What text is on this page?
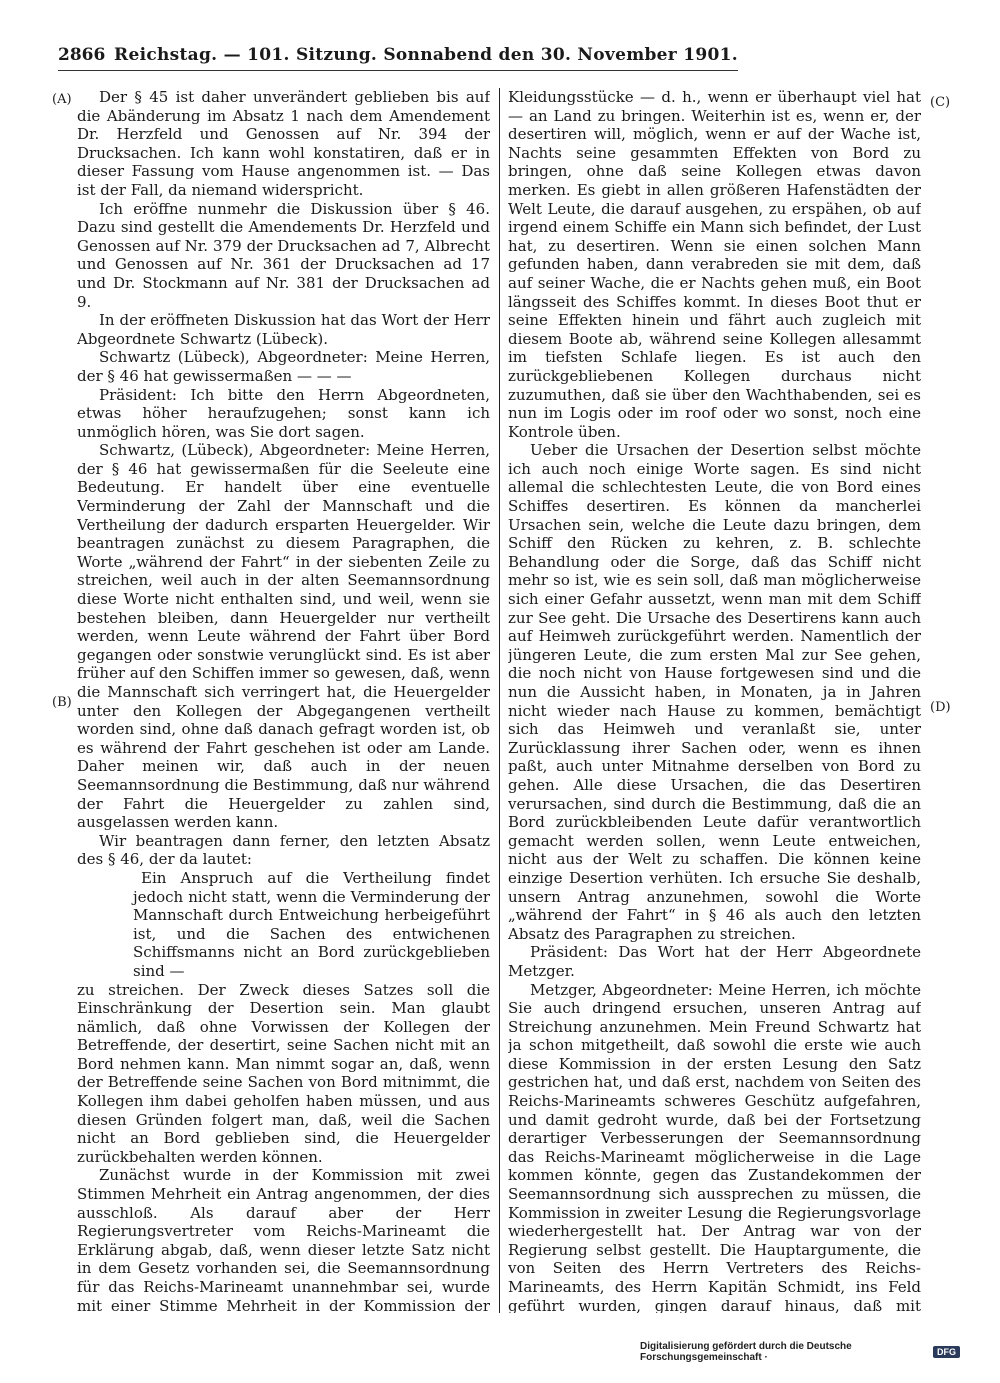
2866 Reichstag. — 101. Sitzung. Sonnabend den 30. November 1901.
(A)
(B)
(C)
(D)

Der § 45 ist daher unverändert geblieben bis auf die Abänderung im Absatz 1 nach dem Amendement Dr. Herzfeld und Genossen auf Nr. 394 der Drucksachen. Ich kann wohl konstatiren, daß er in dieser Fassung vom Hause angenommen ist. — Das ist der Fall, da niemand widerspricht.

Ich eröffne nunmehr die Diskussion über § 46. Dazu sind gestellt die Amendements Dr. Herzfeld und Genossen auf Nr. 379 der Drucksachen ad 7, Albrecht und Genossen auf Nr. 361 der Drucksachen ad 17 und Dr. Stockmann auf Nr. 381 der Drucksachen ad 9.

In der eröffneten Diskussion hat das Wort der Herr Abgeordnete Schwartz (Lübeck).

Schwartz (Lübeck), Abgeordneter: Meine Herren, der § 46 hat gewissermaßen — — —

Präsident: Ich bitte den Herrn Abgeordneten, etwas höher heraufzugehen; sonst kann ich unmöglich hören, was Sie dort sagen.

Schwartz, (Lübeck), Abgeordneter: Meine Herren, der § 46 hat gewissermaßen für die Seeleute eine Bedeutung. Er handelt über eine eventuelle Verminderung der Zahl der Mannschaft und die Vertheilung der dadurch ersparten Heuergelder. Wir beantragen zunächst zu diesem Paragraphen, die Worte „während der Fahrt“ in der siebenten Zeile zu streichen, weil auch in der alten Seemannsordnung diese Worte nicht enthalten sind, und weil, wenn sie bestehen bleiben, dann Heuergelder nur vertheilt werden, wenn Leute während der Fahrt über Bord gegangen oder sonstwie verunglückt sind. Es ist aber früher auf den Schiffen immer so gewesen, daß, wenn die Mannschaft sich verringert hat, die Heuergelder unter den Kollegen der Abgegangenen vertheilt worden sind, ohne daß danach gefragt worden ist, ob es während der Fahrt geschehen ist oder am Lande. Daher meinen wir, daß auch in der neuen Seemannsordnung die Bestimmung, daß nur während der Fahrt die Heuergelder zu zahlen sind, ausgelassen werden kann.

Wir beantragen dann ferner, den letzten Absatz des § 46, der da lautet:

Ein Anspruch auf die Vertheilung findet jedoch nicht statt, wenn die Verminderung der Mannschaft durch Entweichung herbeigeführt ist, und die Sachen des entwichenen Schiffsmanns nicht an Bord zurückgeblieben sind —

zu streichen. Der Zweck dieses Satzes soll die Einschränkung der Desertion sein. Man glaubt nämlich, daß ohne Vorwissen der Kollegen der Betreffende, der desertirt, seine Sachen nicht mit an Bord nehmen kann. Man nimmt sogar an, daß, wenn der Betreffende seine Sachen von Bord mitnimmt, die Kollegen ihm dabei geholfen haben müssen, und aus diesen Gründen folgert man, daß, weil die Sachen nicht an Bord geblieben sind, die Heuergelder zurückbehalten werden können.

Zunächst wurde in der Kommission mit zwei Stimmen Mehrheit ein Antrag angenommen, der dies ausschloß. Als darauf aber der Herr Regierungsvertreter vom Reichs-Marineamt die Erklärung abgab, daß, wenn dieser letzte Satz nicht in dem Gesetz vorhanden sei, die Seemannsordnung für das Reichs-Marineamt unannehmbar sei, wurde mit einer Stimme Mehrheit in der Kommission der

Kleidungsstücke — d. h., wenn er überhaupt viel hat — an Land zu bringen. Weiterhin ist es, wenn er, der desertiren will, möglich, wenn er auf der Wache ist, Nachts seine gesammten Effekten von Bord zu bringen, ohne daß seine Kollegen etwas davon merken. Es giebt in allen größeren Hafenstädten der Welt Leute, die darauf ausgehen, zu erspähen, ob auf irgend einem Schiffe ein Mann sich befindet, der Lust hat, zu desertiren. Wenn sie einen solchen Mann gefunden haben, dann verabreden sie mit dem, daß auf seiner Wache, die er Nachts gehen muß, ein Boot längsseit des Schiffes kommt. In dieses Boot thut er seine Effekten hinein und fährt auch zugleich mit diesem Boote ab, während seine Kollegen allesammt im tiefsten Schlafe liegen. Es ist auch den zurückgebliebenen Kollegen durchaus nicht zuzumuthen, daß sie über den Wachthabenden, sei es nun im Logis oder im roof oder wo sonst, noch eine Kontrole üben.

Ueber die Ursachen der Desertion selbst möchte ich auch noch einige Worte sagen. Es sind nicht allemal die schlechtesten Leute, die von Bord eines Schiffes desertiren. Es können da mancherlei Ursachen sein, welche die Leute dazu bringen, dem Schiff den Rücken zu kehren, z. B. schlechte Behandlung oder die Sorge, daß das Schiff nicht mehr so ist, wie es sein soll, daß man möglicherweise sich einer Gefahr aussetzt, wenn man mit dem Schiff zur See geht. Die Ursache des Desertirens kann auch auf Heimweh zurückgeführt werden. Namentlich der jüngeren Leute, die zum ersten Mal zur See gehen, die noch nicht von Hause fortgewesen sind und die nun die Aussicht haben, in Monaten, ja in Jahren nicht wieder nach Hause zu kommen, bemächtigt sich das Heimweh und veranlaßt sie, unter Zurücklassung ihrer Sachen oder, wenn es ihnen paßt, auch unter Mitnahme derselben von Bord zu gehen. Alle diese Ursachen, die das Desertiren verursachen, sind durch die Bestimmung, daß die an Bord zurückbleibenden Leute dafür verantwortlich gemacht werden sollen, wenn Leute entweichen, nicht aus der Welt zu schaffen. Die können keine einzige Desertion verhüten. Ich ersuche Sie deshalb, unsern Antrag anzunehmen, sowohl die Worte „während der Fahrt“ in § 46 als auch den letzten Absatz des Paragraphen zu streichen.

Präsident: Das Wort hat der Herr Abgeordnete Metzger.

Metzger, Abgeordneter: Meine Herren, ich möchte Sie auch dringend ersuchen, unseren Antrag auf Streichung anzunehmen. Mein Freund Schwartz hat ja schon mitgetheilt, daß sowohl die erste wie auch diese Kommission in der ersten Lesung den Satz gestrichen hat, und daß erst, nachdem von Seiten des Reichs-Marineamts schweres Geschütz aufgefahren, und damit gedroht wurde, daß bei der Fortsetzung derartiger Verbesserungen der Seemannsordnung das Reichs-Marineamt möglicherweise in die Lage kommen könnte, gegen das Zustandekommen der Seemannsordnung sich aussprechen zu müssen, die Kommission in zweiter Lesung die Regierungsvorlage wiederhergestellt hat. Der Antrag war von der Regierung selbst gestellt. Die Hauptargumente, die von Seiten des Herrn Vertreters des Reichs-Marineamts, des Herrn Kapitän Schmidt, ins Feld geführt wurden, gingen darauf hinaus, daß mit

Digitalisierung gefördert durch die Deutsche Forschungsgemeinschaft ·	DFG
